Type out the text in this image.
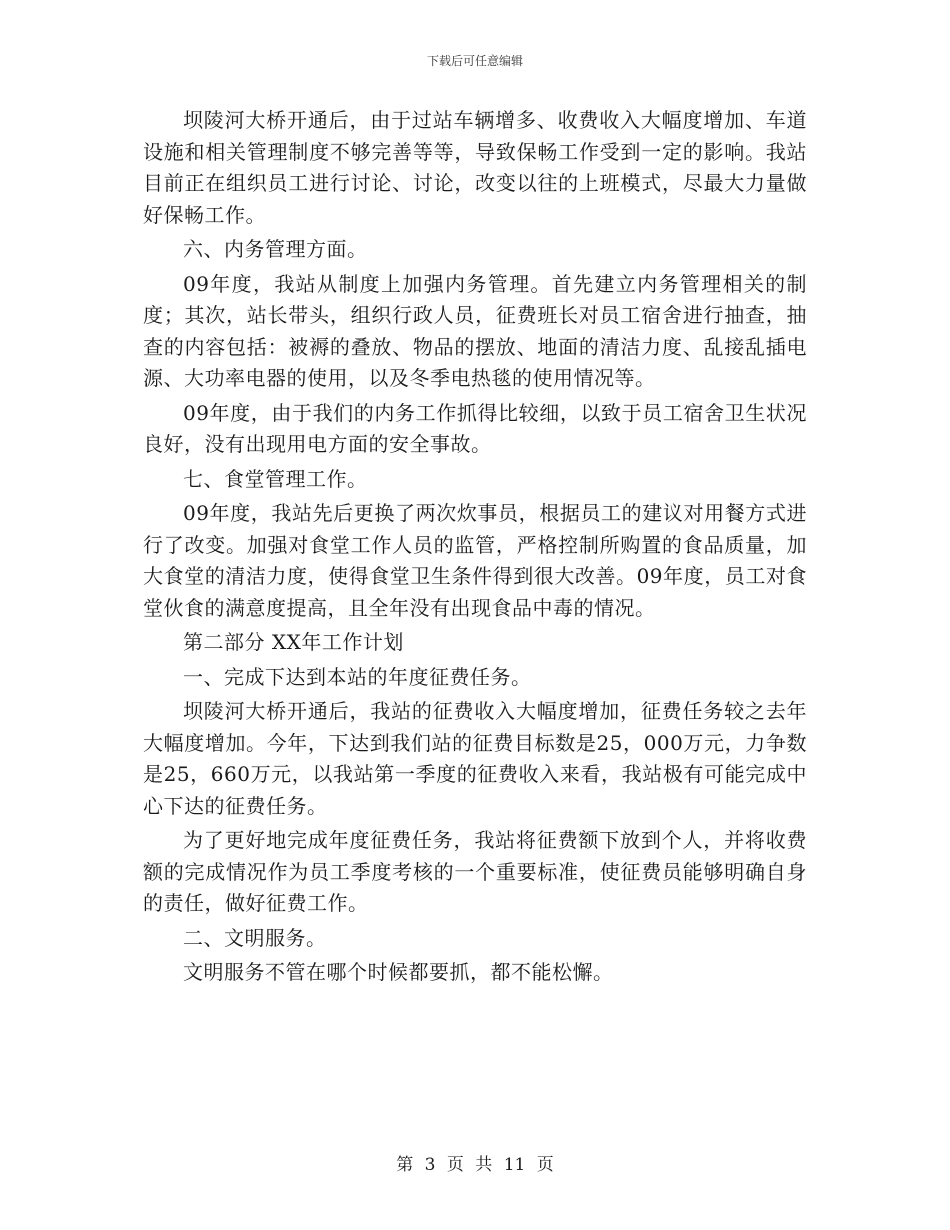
下载后可任意编辑

坝陵河大桥开通后，由于过站车辆增多、收费收入大幅度增加、车道设施和相关管理制度不够完善等等，导致保畅工作受到一定的影响。我站目前正在组织员工进行讨论、讨论，改变以往的上班模式，尽最大力量做好保畅工作。

六、内务管理方面。

09年度，我站从制度上加强内务管理。首先建立内务管理相关的制度；其次，站长带头，组织行政人员，征费班长对员工宿舍进行抽查，抽查的内容包括：被褥的叠放、物品的摆放、地面的清洁力度、乱接乱插电源、大功率电器的使用，以及冬季电热毯的使用情况等。

09年度，由于我们的内务工作抓得比较细，以致于员工宿舍卫生状况良好，没有出现用电方面的安全事故。

七、食堂管理工作。

09年度，我站先后更换了两次炊事员，根据员工的建议对用餐方式进行了改变。加强对食堂工作人员的监管，严格控制所购置的食品质量，加大食堂的清洁力度，使得食堂卫生条件得到很大改善。09年度，员工对食堂伙食的满意度提高，且全年没有出现食品中毒的情况。

第二部分 XX年工作计划

一、完成下达到本站的年度征费任务。

坝陵河大桥开通后，我站的征费收入大幅度增加，征费任务较之去年大幅度增加。今年，下达到我们站的征费目标数是25，000万元，力争数是25，660万元，以我站第一季度的征费收入来看，我站极有可能完成中心下达的征费任务。

为了更好地完成年度征费任务，我站将征费额下放到个人，并将收费额的完成情况作为员工季度考核的一个重要标准，使征费员能够明确自身的责任，做好征费工作。

二、文明服务。

文明服务不管在哪个时候都要抓，都不能松懈。

第 3 页 共 11 页
